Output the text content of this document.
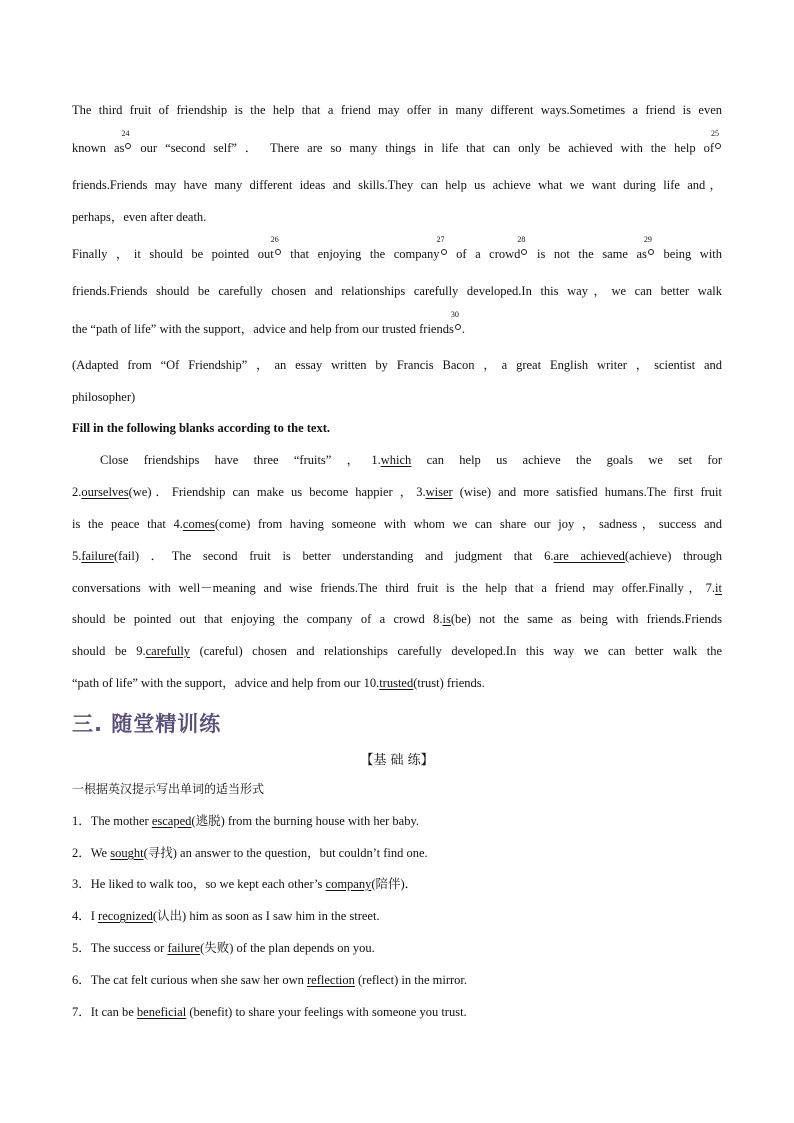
The third fruit of friendship is the help that a friend may offer in many different ways.Sometimes a friend is even
known as
24
our “second self” ． There are so many things in life that can only be achieved with the help of
25
friends.Friends may have many different ideas and skills.They can help us achieve what we want during life and，
perhaps，even after death.
Finally ，it should be pointed out
26
that enjoying the company
27
of a crowd
28
is not the same as
29
being with
friends.Friends should be carefully chosen and relationships carefully developed.In this way，we can better walk
the “path of life” with the support，advice and help from our trusted friends
30
.
(Adapted from “Of Friendship” ，an essay written by Francis Bacon ，a great English writer ，scientist and
philosopher)
Fill in the following blanks according to the text.
Close friendships have three “fruits” ，1.which can help us achieve the goals we set for
2.ourselves(we)．Friendship can make us become happier ，3.wiser (wise) and more satisfied humans.The first fruit
is the peace that 4.comes(come) from having someone with whom we can share our joy ，sadness，success and
5.failure(fail) ．The second fruit is better understanding and judgment that 6.are achieved(achieve) through
conversations with well－meaning and wise friends.The third fruit is the help that a friend may offer.Finally，7.it
should be pointed out that enjoying the company of a crowd 8.is(be) not the same as being with friends.Friends
should be 9.carefully (careful) chosen and relationships carefully developed.In this way we can better walk the
“path of life” with the support，advice and help from our 10.trusted(trust) friends.
三. 随堂精训练
【基 础 练】
一根据英汉提示写出单词的适当形式
1．The mother escaped(逃脱) from the burning house with her baby.
2．We sought(寻找) an answer to the question，but couldn’t find one.
3．He liked to walk too，so we kept each other’s company(陪伴)．
4．I recognized(认出) him as soon as I saw him in the street.
5．The success or failure(失败) of the plan depends on you.
6．The cat felt curious when she saw her own reflection (reflect) in the mirror.
7．It can be beneficial (benefit) to share your feelings with someone you trust.
